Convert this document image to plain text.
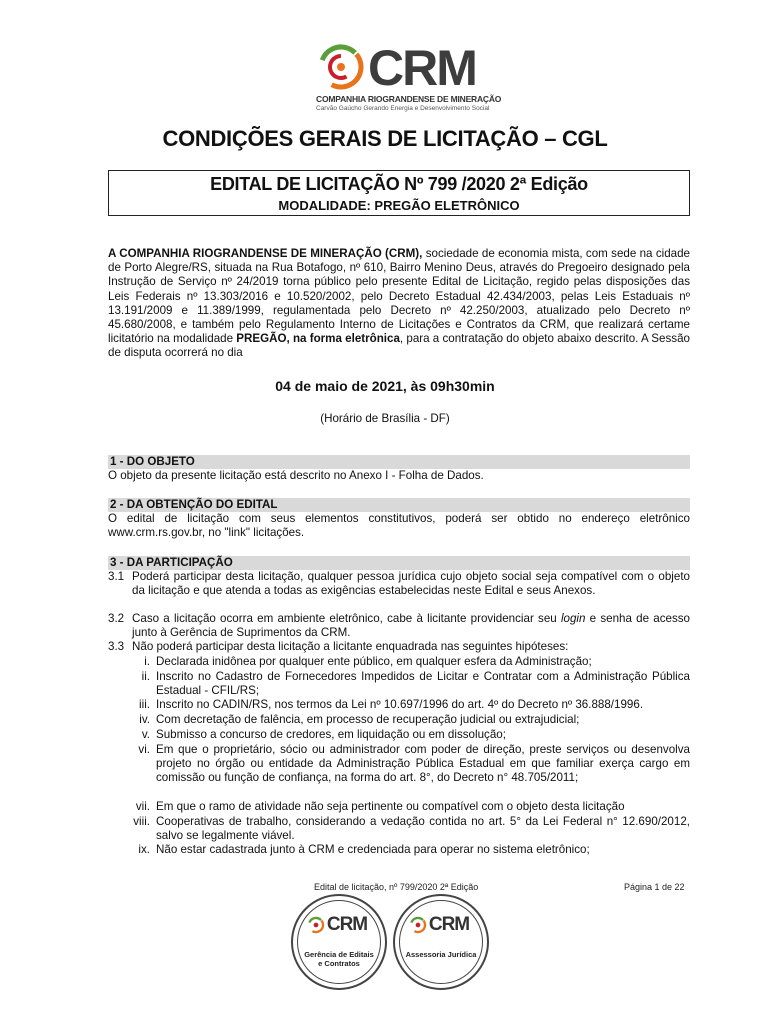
CRM
COMPANHIA RIOGRANDENSE DE MINERAÇÃO
Carvão Gaúcho Gerando Energia e Desenvolvimento Social
CONDIÇÕES GERAIS DE LICITAÇÃO – CGL
EDITAL DE LICITAÇÃO Nº 799 /2020 2ª Edição
MODALIDADE: PREGÃO ELETRÔNICO
A COMPANHIA RIOGRANDENSE DE MINERAÇÃO (CRM), sociedade de economia mista, com sede na cidade de Porto Alegre/RS, situada na Rua Botafogo, nº 610, Bairro Menino Deus, através do Pregoeiro designado pela Instrução de Serviço nº 24/2019 torna público pelo presente Edital de Licitação, regido pelas disposições das Leis Federais nº 13.303/2016 e 10.520/2002, pelo Decreto Estadual 42.434/2003, pelas Leis Estaduais nº 13.191/2009 e 11.389/1999, regulamentada pelo Decreto nº 42.250/2003, atualizado pelo Decreto nº 45.680/2008, e também pelo Regulamento Interno de Licitações e Contratos da CRM, que realizará certame licitatório na modalidade PREGÃO, na forma eletrônica, para a contratação do objeto abaixo descrito. A Sessão de disputa ocorrerá no dia
04 de maio de 2021, às 09h30min
(Horário de Brasília - DF)
1 - DO OBJETO
O objeto da presente licitação está descrito no Anexo I - Folha de Dados.
2 - DA OBTENÇÃO DO EDITAL
O edital de licitação com seus elementos constitutivos, poderá ser obtido no endereço eletrônico www.crm.rs.gov.br, no "link" licitações.
3 - DA PARTICIPAÇÃO
3.1 Poderá participar desta licitação, qualquer pessoa jurídica cujo objeto social seja compatível com o objeto da licitação e que atenda a todas as exigências estabelecidas neste Edital e seus Anexos.
3.2 Caso a licitação ocorra em ambiente eletrônico, cabe à licitante providenciar seu login e senha de acesso junto à Gerência de Suprimentos da CRM.
3.3 Não poderá participar desta licitação a licitante enquadrada nas seguintes hipóteses:
i. Declarada inidônea por qualquer ente público, em qualquer esfera da Administração;
ii. Inscrito no Cadastro de Fornecedores Impedidos de Licitar e Contratar com a Administração Pública Estadual - CFIL/RS;
iii. Inscrito no CADIN/RS, nos termos da Lei nº 10.697/1996 do art. 4º do Decreto nº 36.888/1996.
iv. Com decretação de falência, em processo de recuperação judicial ou extrajudicial;
v. Submisso a concurso de credores, em liquidação ou em dissolução;
vi. Em que o proprietário, sócio ou administrador com poder de direção, preste serviços ou desenvolva projeto no órgão ou entidade da Administração Pública Estadual em que familiar exerça cargo em comissão ou função de confiança, na forma do art. 8°, do Decreto n° 48.705/2011;
vii. Em que o ramo de atividade não seja pertinente ou compatível com o objeto desta licitação
viii. Cooperativas de trabalho, considerando a vedação contida no art. 5° da Lei Federal n° 12.690/2012, salvo se legalmente viável.
ix. Não estar cadastrada junto à CRM e credenciada para operar no sistema eletrônico;
Edital de licitação, nº 799/2020 2ª Edição	Página 1 de 22
CRM
Gerência de Editais e Contratos
CRM
Assessoria Jurídica
